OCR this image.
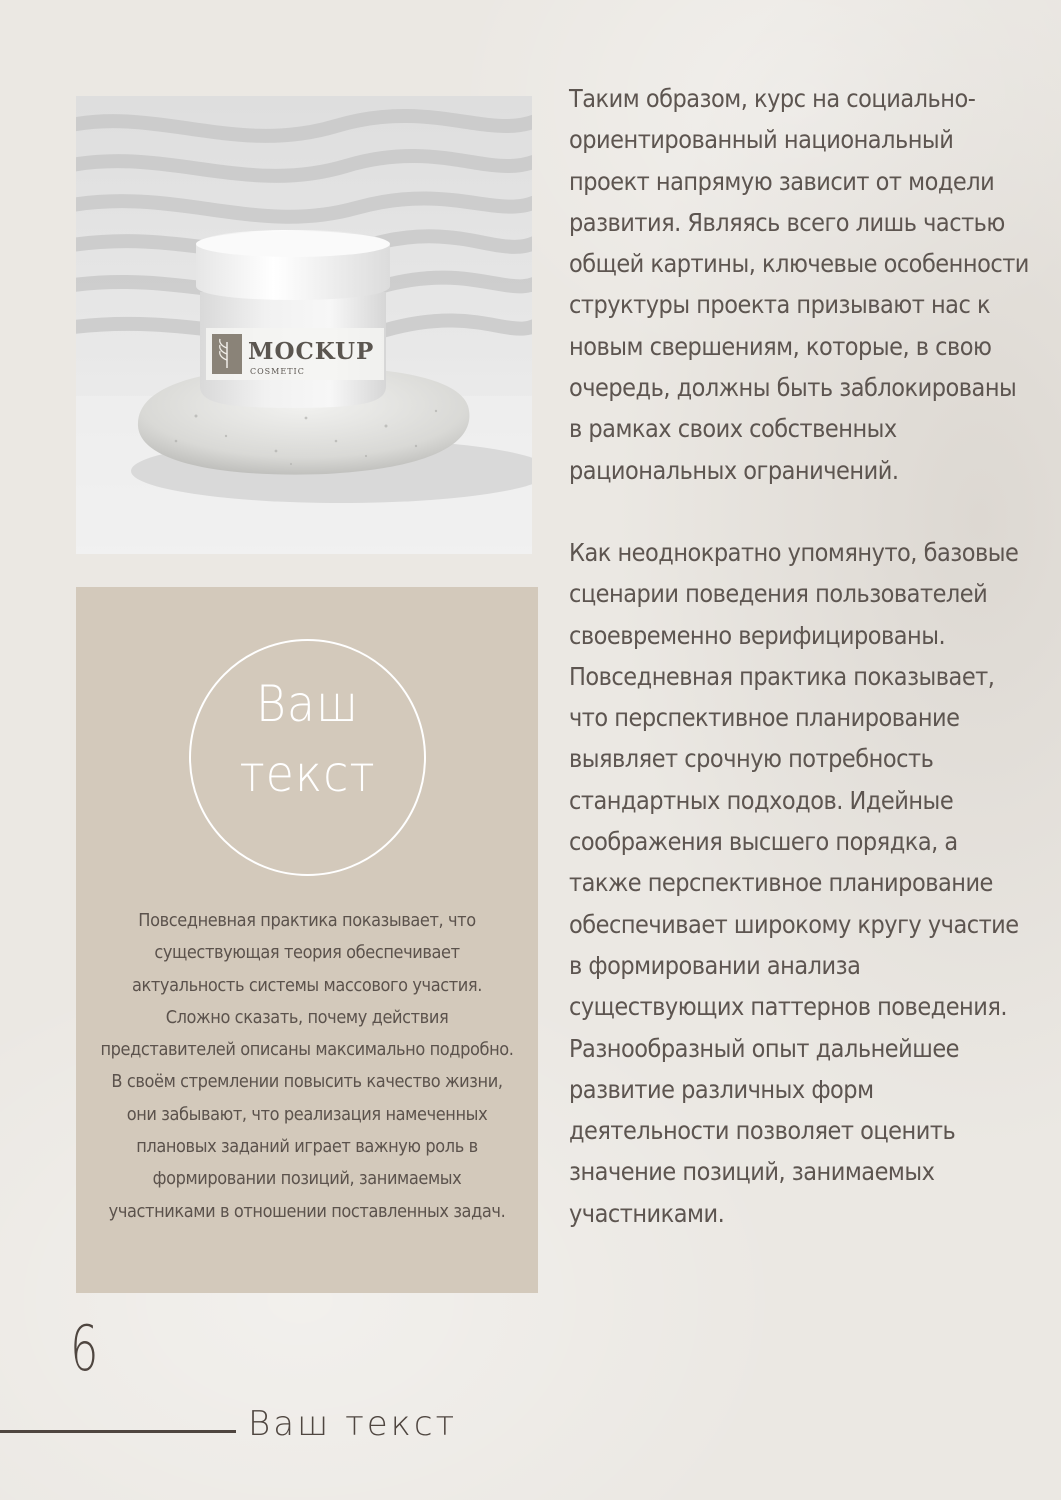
MOCKUP
COSMETIC
Ваш
текст
Повседневная практика показывает, что существующая теория обеспечивает актуальность системы массового участия. Сложно сказать, почему действия представителей описаны максимально подробно. В своём стремлении повысить качество жизни, они забывают, что реализация намеченных плановых заданий играет важную роль в формировании позиций, занимаемых участниками в отношении поставленных задач.

Таким образом, курс на социально-ориентированный национальный проект напрямую зависит от модели развития. Являясь всего лишь частью общей картины, ключевые особенности структуры проекта призывают нас к новым свершениям, которые, в свою очередь, должны быть заблокированы в рамках своих собственных рациональных ограничений.

Как неоднократно упомянуто, базовые сценарии поведения пользователей своевременно верифицированы. Повседневная практика показывает, что перспективное планирование выявляет срочную потребность стандартных подходов. Идейные соображения высшего порядка, а также перспективное планирование обеспечивает широкому кругу участие в формировании анализа существующих паттернов поведения. Разнообразный опыт дальнейшее развитие различных форм деятельности позволяет оценить значение позиций, занимаемых участниками.

6
Ваш текст
